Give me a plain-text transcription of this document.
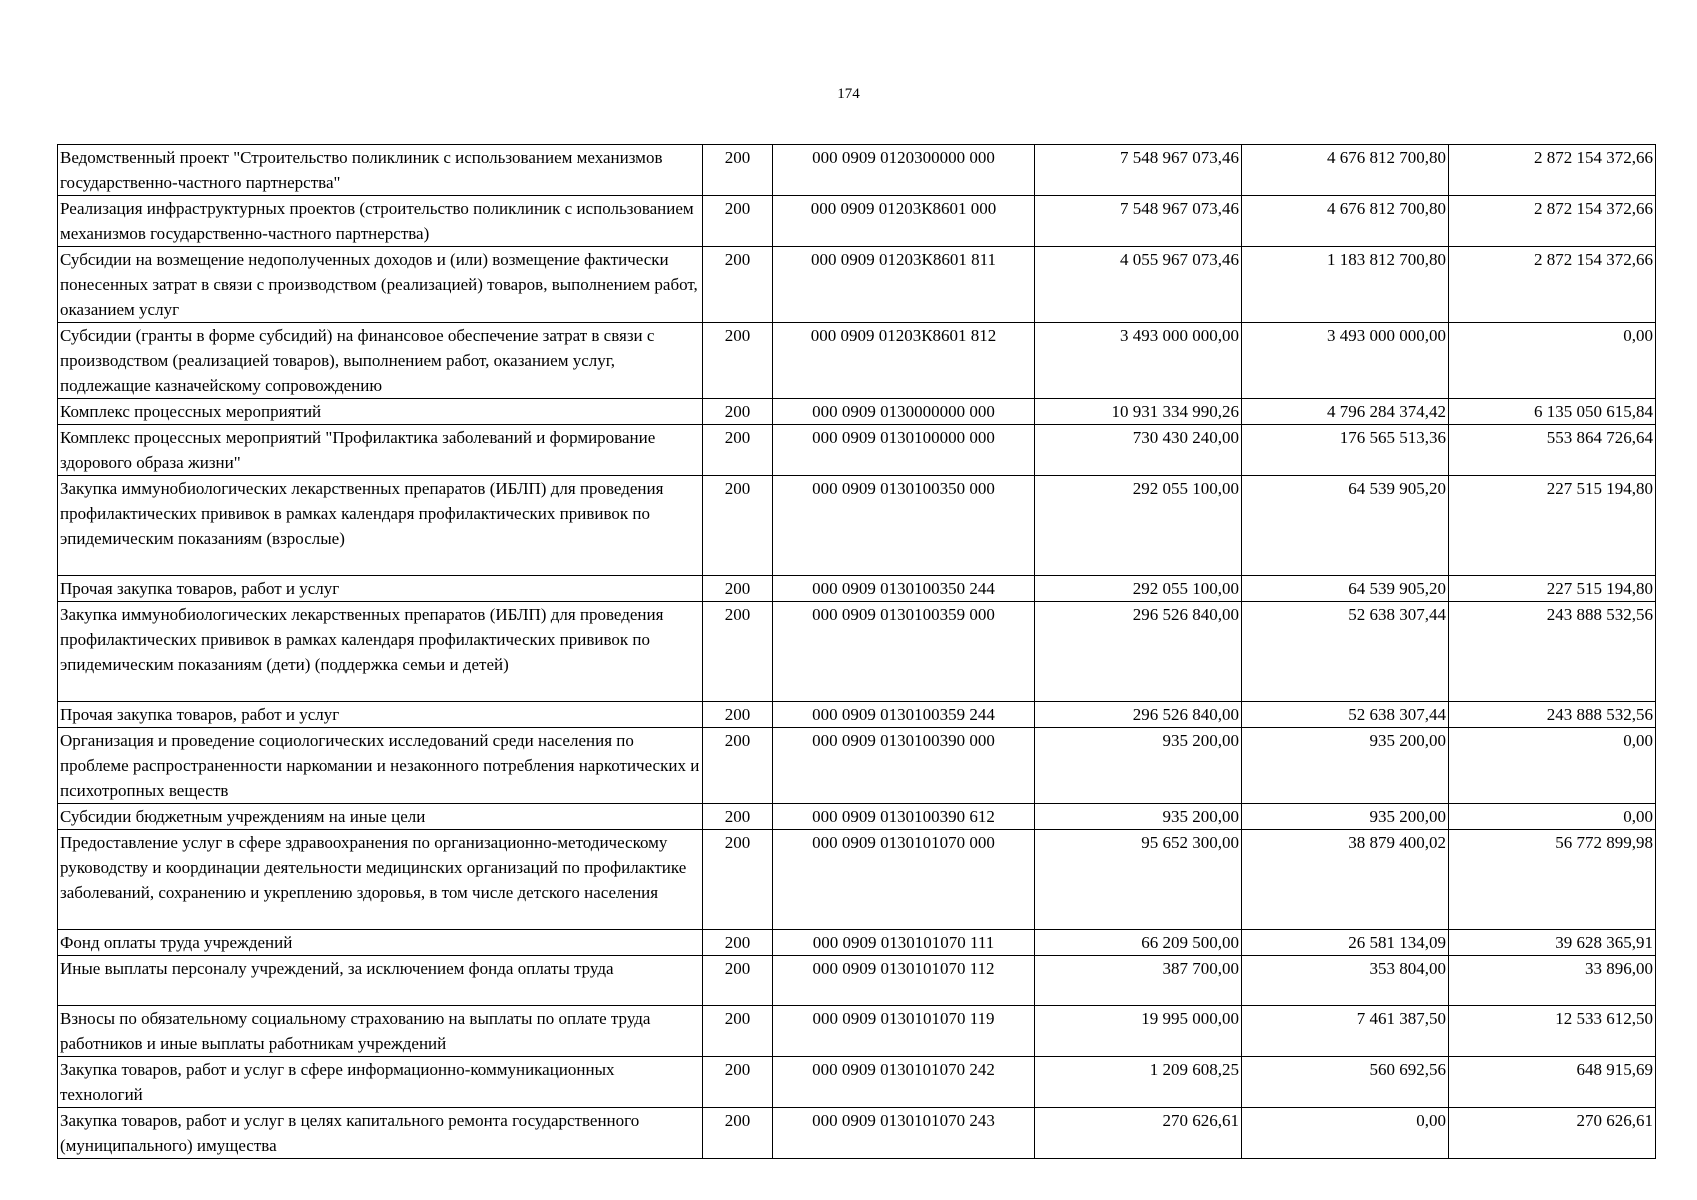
174
Ведомственный проект "Строительство поликлиник с использованием механизмов государственно-частного партнерства"	200	000 0909 0120300000 000	7 548 967 073,46	4 676 812 700,80	2 872 154 372,66
Реализация инфраструктурных проектов (строительство поликлиник с использованием механизмов государственно-частного партнерства)	200	000 0909 01203К8601 000	7 548 967 073,46	4 676 812 700,80	2 872 154 372,66
Субсидии на возмещение недополученных доходов и (или) возмещение фактически понесенных затрат в связи с производством (реализацией) товаров, выполнением работ, оказанием услуг	200	000 0909 01203К8601 811	4 055 967 073,46	1 183 812 700,80	2 872 154 372,66
Субсидии (гранты в форме субсидий) на финансовое обеспечение затрат в связи с производством (реализацией товаров), выполнением работ, оказанием услуг, подлежащие казначейскому сопровождению	200	000 0909 01203К8601 812	3 493 000 000,00	3 493 000 000,00	0,00
Комплекс процессных мероприятий	200	000 0909 0130000000 000	10 931 334 990,26	4 796 284 374,42	6 135 050 615,84
Комплекс процессных мероприятий "Профилактика заболеваний и формирование здорового образа жизни"	200	000 0909 0130100000 000	730 430 240,00	176 565 513,36	553 864 726,64
Закупка иммунобиологических лекарственных препаратов (ИБЛП) для проведения профилактических прививок в рамках календаря профилактических прививок по эпидемическим показаниям (взрослые)	200	000 0909 0130100350 000	292 055 100,00	64 539 905,20	227 515 194,80
Прочая закупка товаров, работ и услуг	200	000 0909 0130100350 244	292 055 100,00	64 539 905,20	227 515 194,80
Закупка иммунобиологических лекарственных препаратов (ИБЛП) для проведения профилактических прививок в рамках календаря профилактических прививок по эпидемическим показаниям (дети) (поддержка семьи и детей)	200	000 0909 0130100359 000	296 526 840,00	52 638 307,44	243 888 532,56
Прочая закупка товаров, работ и услуг	200	000 0909 0130100359 244	296 526 840,00	52 638 307,44	243 888 532,56
Организация и проведение социологических исследований среди населения по проблеме распространенности наркомании и незаконного потребления наркотических и психотропных веществ	200	000 0909 0130100390 000	935 200,00	935 200,00	0,00
Субсидии бюджетным учреждениям на иные цели	200	000 0909 0130100390 612	935 200,00	935 200,00	0,00
Предоставление услуг в сфере здравоохранения по организационно-методическому руководству и координации деятельности медицинских организаций по профилактике заболеваний, сохранению и укреплению здоровья, в том числе детского населения	200	000 0909 0130101070 000	95 652 300,00	38 879 400,02	56 772 899,98
Фонд оплаты труда учреждений	200	000 0909 0130101070 111	66 209 500,00	26 581 134,09	39 628 365,91
Иные выплаты персоналу учреждений, за исключением фонда оплаты труда	200	000 0909 0130101070 112	387 700,00	353 804,00	33 896,00
Взносы по обязательному социальному страхованию на выплаты по оплате труда работников и иные выплаты работникам учреждений	200	000 0909 0130101070 119	19 995 000,00	7 461 387,50	12 533 612,50
Закупка товаров, работ и услуг в сфере информационно-коммуникационных технологий	200	000 0909 0130101070 242	1 209 608,25	560 692,56	648 915,69
Закупка товаров, работ и услуг в целях капитального ремонта государственного (муниципального) имущества	200	000 0909 0130101070 243	270 626,61	0,00	270 626,61
